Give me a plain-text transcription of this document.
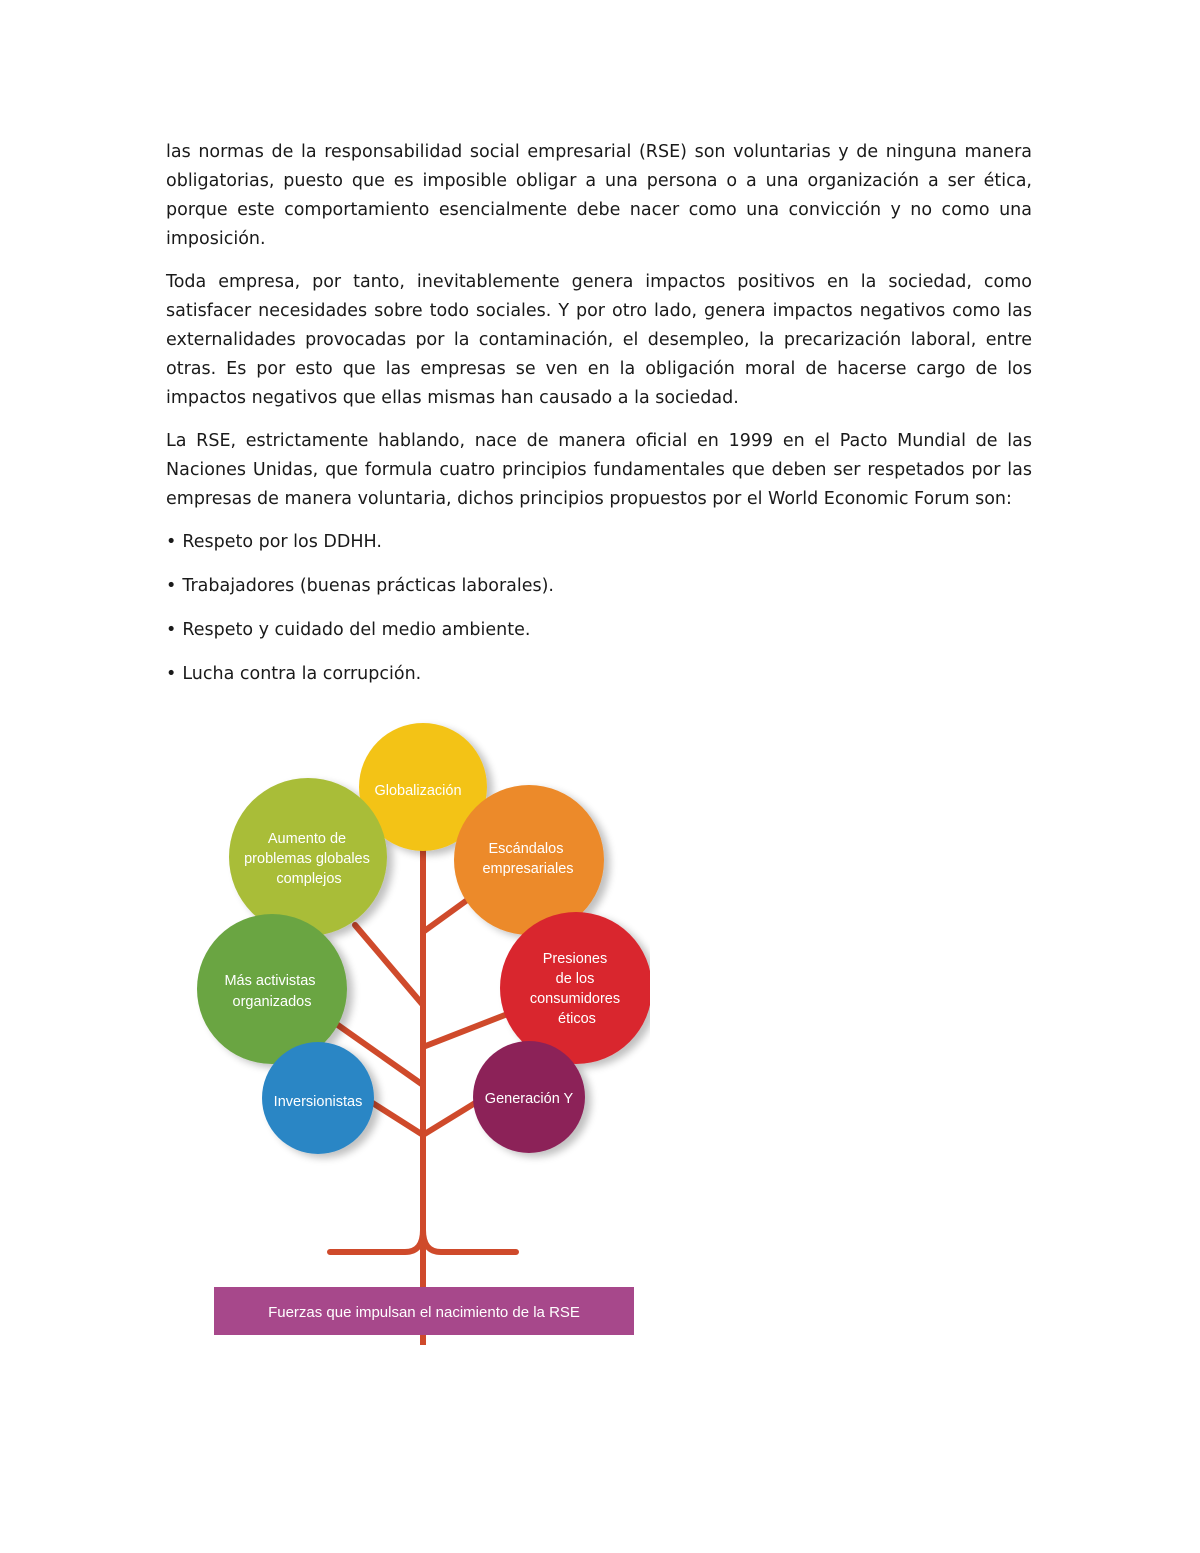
las normas de la responsabilidad social empresarial (RSE) son voluntarias y de ninguna manera obligatorias, puesto que es imposible obligar a una persona o a una organización a ser ética, porque este comportamiento esencialmente debe nacer como una convicción y no como una imposición.

Toda empresa, por tanto, inevitablemente genera impactos positivos en la sociedad, como satisfacer necesidades sobre todo sociales. Y por otro lado, genera impactos negativos como las externalidades provocadas por la contaminación, el desempleo, la precarización laboral, entre otras. Es por esto que las empresas se ven en la obligación moral de hacerse cargo de los impactos negativos que ellas mismas han causado a la sociedad.

La RSE, estrictamente hablando, nace de manera oficial en 1999 en el Pacto Mundial de las Naciones Unidas, que formula cuatro principios fundamentales que deben ser respetados por las empresas de manera voluntaria, dichos principios propuestos por el World Economic Forum son:

• Respeto por los DDHH.
• Trabajadores (buenas prácticas laborales).
• Respeto y cuidado del medio ambiente.
• Lucha contra la corrupción.
Globalización
Aumento de problemas globales complejos
Escándalos empresariales
Más activistas organizados
Presiones de los consumidores éticos
Inversionistas	Generación Y
Fuerzas que impulsan el nacimiento de la RSE
